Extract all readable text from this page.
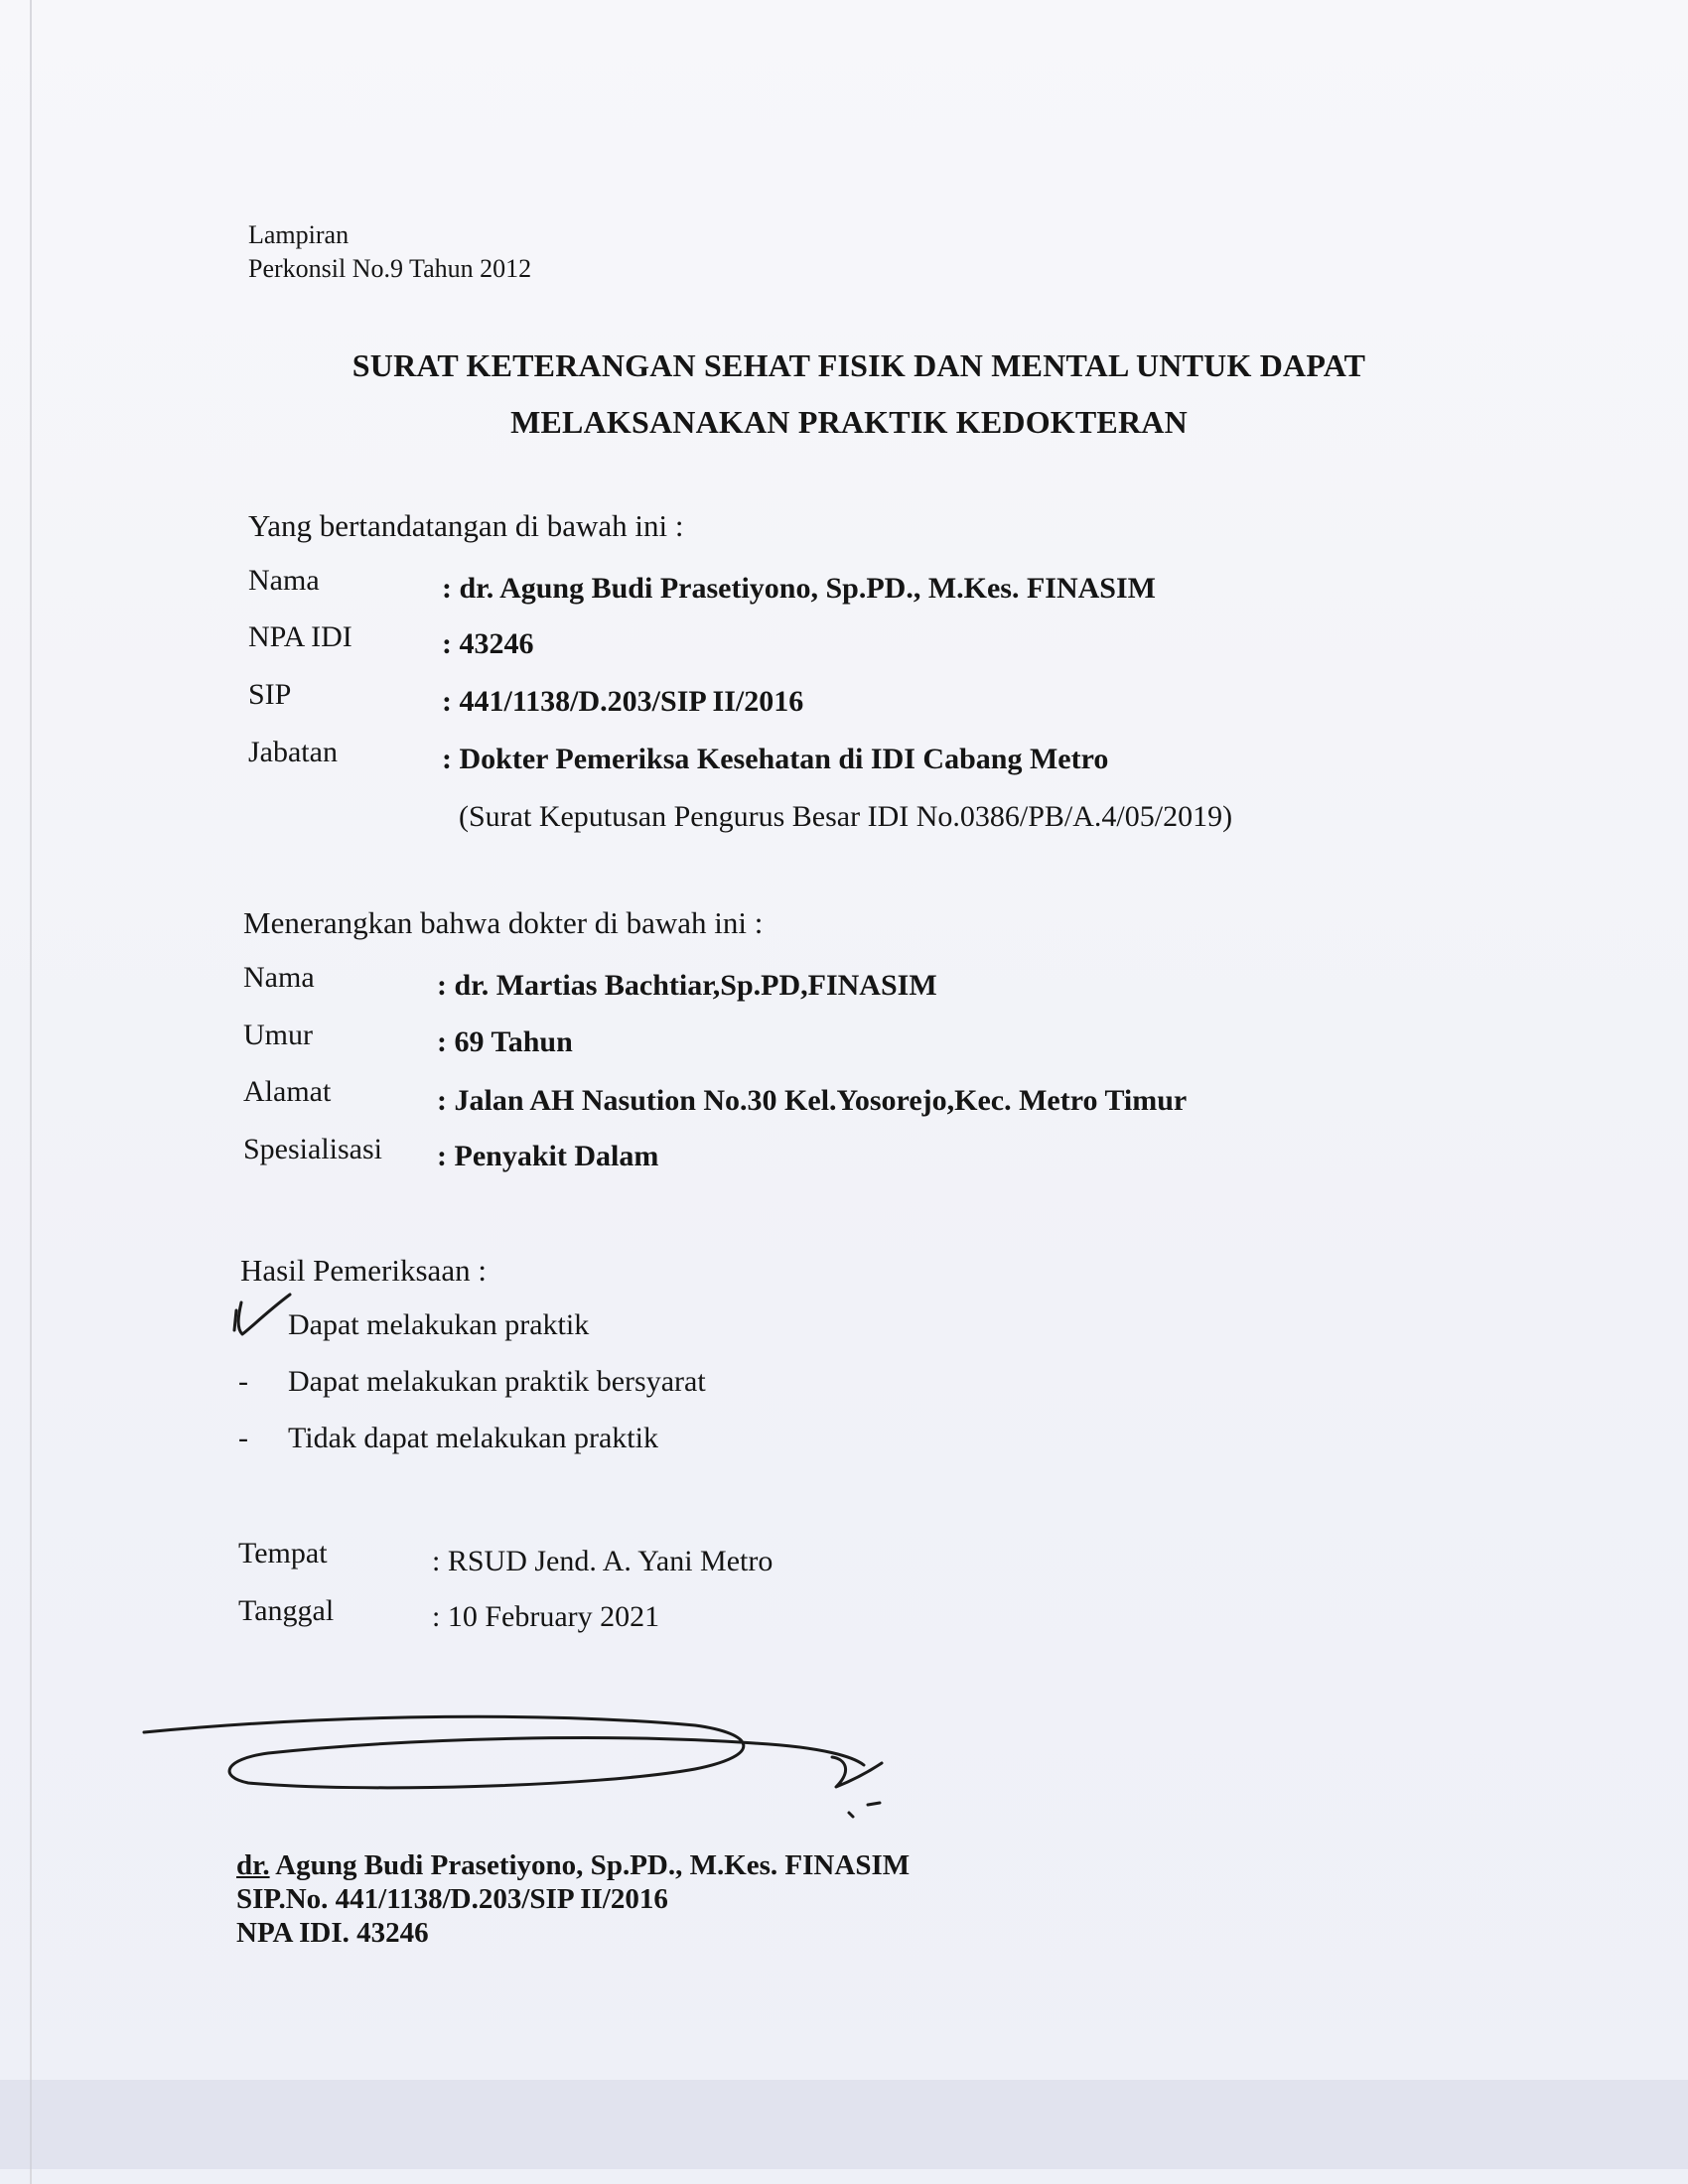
Lampiran
Perkonsil No.9 Tahun 2012
SURAT KETERANGAN SEHAT FISIK DAN MENTAL UNTUK DAPAT
MELAKSANAKAN PRAKTIK KEDOKTERAN
Yang bertandatangan di bawah ini :
Nama	: dr. Agung Budi Prasetiyono, Sp.PD., M.Kes. FINASIM
NPA IDI	: 43246
SIP	: 441/1138/D.203/SIP II/2016
Jabatan	: Dokter Pemeriksa Kesehatan di IDI Cabang Metro
(Surat Keputusan Pengurus Besar IDI No.0386/PB/A.4/05/2019)
Menerangkan bahwa dokter di bawah ini :
Nama	: dr. Martias Bachtiar,Sp.PD,FINASIM
Umur	: 69 Tahun
Alamat	: Jalan AH Nasution No.30 Kel.Yosorejo,Kec. Metro Timur
Spesialisasi : Penyakit Dalam
Hasil Pemeriksaan :
Dapat melakukan praktik
- Dapat melakukan praktik bersyarat
- Tidak dapat melakukan praktik
Tempat	: RSUD Jend. A. Yani Metro
Tanggal	: 10 February 2021
dr. Agung Budi Prasetiyono, Sp.PD., M.Kes. FINASIM
SIP.No. 441/1138/D.203/SIP II/2016
NPA IDI. 43246
